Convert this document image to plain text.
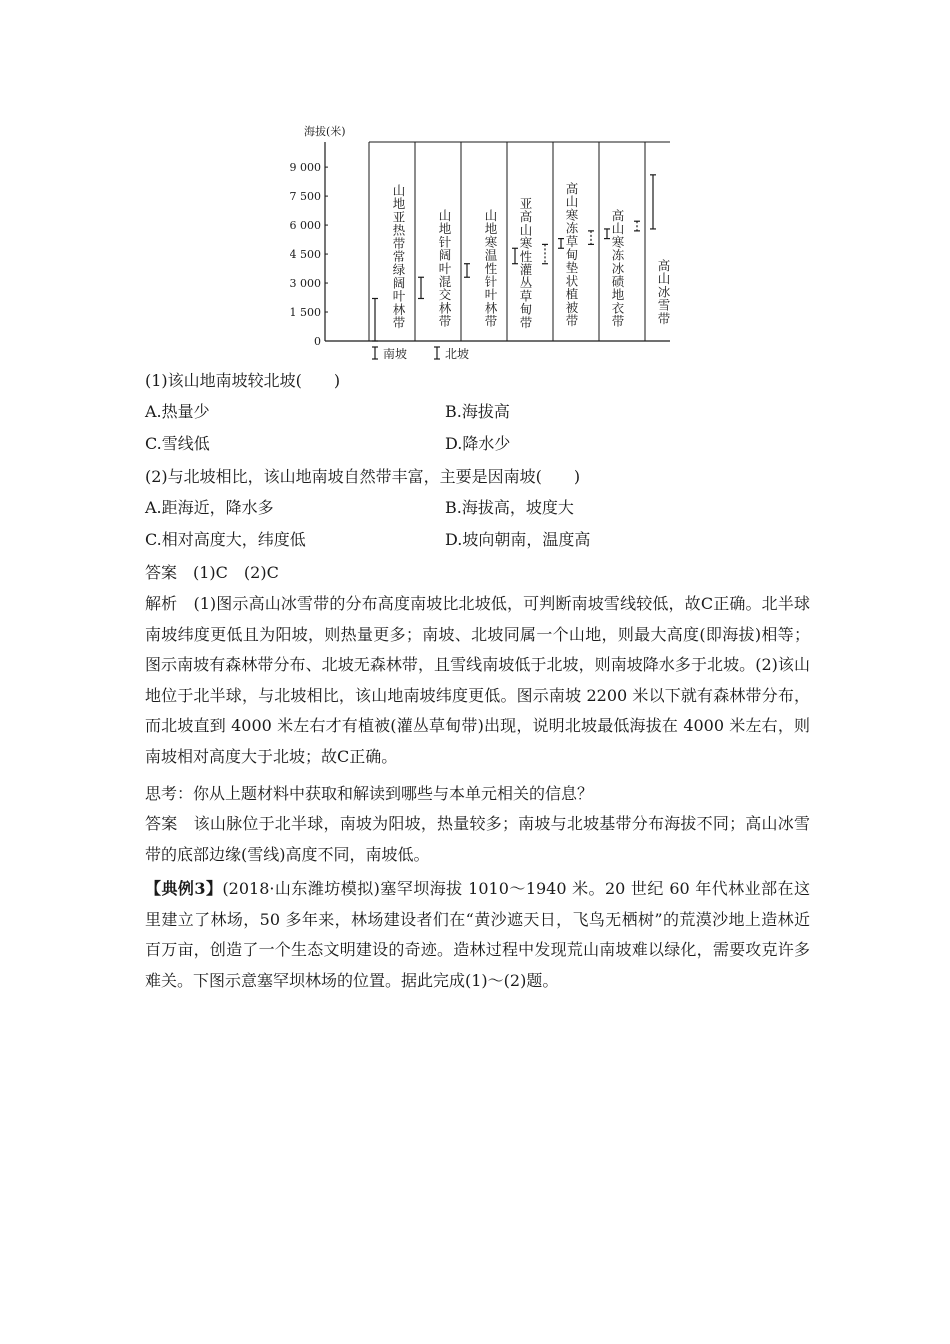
海拔(米)
9 000
7 500
6 000
4 500
3 000
1 500
0
山地亚热带常绿阔叶林带
山地针阔叶混交林带
山地寒温性针叶林带
亚高山寒性灌丛草甸带
高山寒冻草甸垫状植被带
高山寒冻冰碛地衣带
高山冰雪带
南坡	北坡
(1)该山地南坡较北坡(　　)
A.热量少	B.海拔高
C.雪线低	D.降水少
(2)与北坡相比，该山地南坡自然带丰富，主要是因南坡(　　)
A.距海近，降水多	B.海拔高，坡度大
C.相对高度大，纬度低	D.坡向朝南，温度高
答案　(1)C　(2)C
解析　(1)图示高山冰雪带的分布高度南坡比北坡低，可判断南坡雪线较低，故C正确。北半球南坡纬度更低且为阳坡，则热量更多；南坡、北坡同属一个山地，则最大高度(即海拔)相等；图示南坡有森林带分布、北坡无森林带，且雪线南坡低于北坡，则南坡降水多于北坡。(2)该山地位于北半球，与北坡相比，该山地南坡纬度更低。图示南坡 2200 米以下就有森林带分布，而北坡直到 4000 米左右才有植被(灌丛草甸带)出现，说明北坡最低海拔在 4000 米左右，则南坡相对高度大于北坡；故C正确。
思考：你从上题材料中获取和解读到哪些与本单元相关的信息？
答案　该山脉位于北半球，南坡为阳坡，热量较多；南坡与北坡基带分布海拔不同；高山冰雪带的底部边缘(雪线)高度不同，南坡低。
【典例3】(2018·山东潍坊模拟)塞罕坝海拔 1010～1940 米。20 世纪 60 年代林业部在这里建立了林场，50 多年来，林场建设者们在“黄沙遮天日，飞鸟无栖树”的荒漠沙地上造林近百万亩，创造了一个生态文明建设的奇迹。造林过程中发现荒山南坡难以绿化，需要攻克许多难关。下图示意塞罕坝林场的位置。据此完成(1)～(2)题。
